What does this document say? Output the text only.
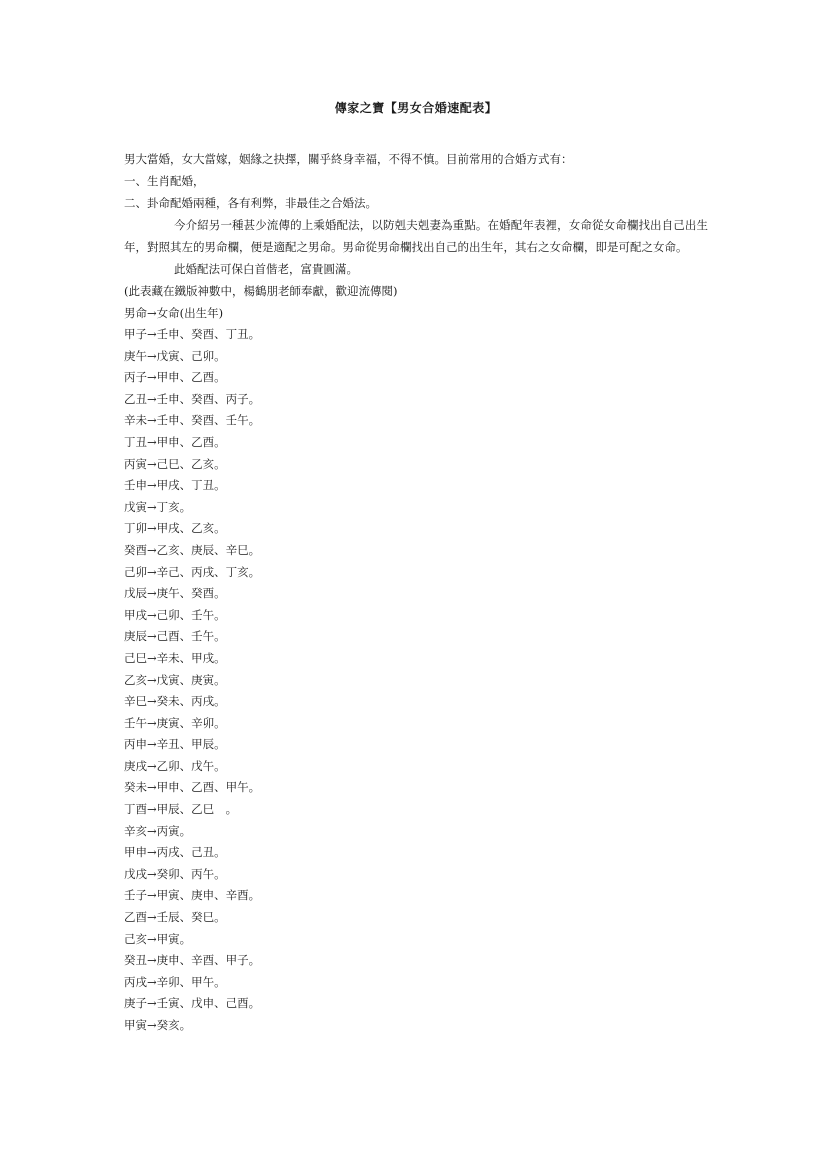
傳家之寶【男女合婚速配表】

男大當婚，女大當嫁，姻緣之抉擇，關乎終身幸福，不得不慎。目前常用的合婚方式有：

一、生肖配婚，

二、卦命配婚兩種，各有利弊，非最佳之合婚法。

今介紹另一種甚少流傳的上乘婚配法，以防剋夫剋妻為重點。在婚配年表裡，女命從女命欄找出自己出生年，對照其左的男命欄，便是適配之男命。男命從男命欄找出自己的出生年，其右之女命欄，即是可配之女命。

此婚配法可保白首偕老，富貴圓滿。

(此表藏在鐵版神數中，楊鶴朋老師奉獻，歡迎流傳閱)

男命→女命(出生年)

甲子→壬申、癸酉、丁丑。
庚午→戊寅、己卯。
丙子→甲申、乙酉。
乙丑→壬申、癸酉、丙子。
辛未→壬申、癸酉、壬午。
丁丑→甲申、乙酉。
丙寅→己巳、乙亥。
壬申→甲戌、丁丑。
戊寅→丁亥。
丁卯→甲戌、乙亥。
癸酉→乙亥、庚辰、辛巳。
己卯→辛己、丙戌、丁亥。
戊辰→庚午、癸酉。
甲戌→己卯、壬午。
庚辰→己酉、壬午。
己巳→辛未、甲戌。
乙亥→戊寅、庚寅。
辛巳→癸未、丙戌。
壬午→庚寅、辛卯。
丙申→辛丑、甲辰。
庚戌→乙卯、戊午。
癸未→甲申、乙酉、甲午。
丁酉→甲辰、乙巳　。
辛亥→丙寅。
甲申→丙戌、己丑。
戊戌→癸卯、丙午。
壬子→甲寅、庚申、辛酉。
乙酉→壬辰、癸巳。
己亥→甲寅。
癸丑→庚申、辛酉、甲子。
丙戌→辛卯、甲午。
庚子→壬寅、戊申、己酉。
甲寅→癸亥。
